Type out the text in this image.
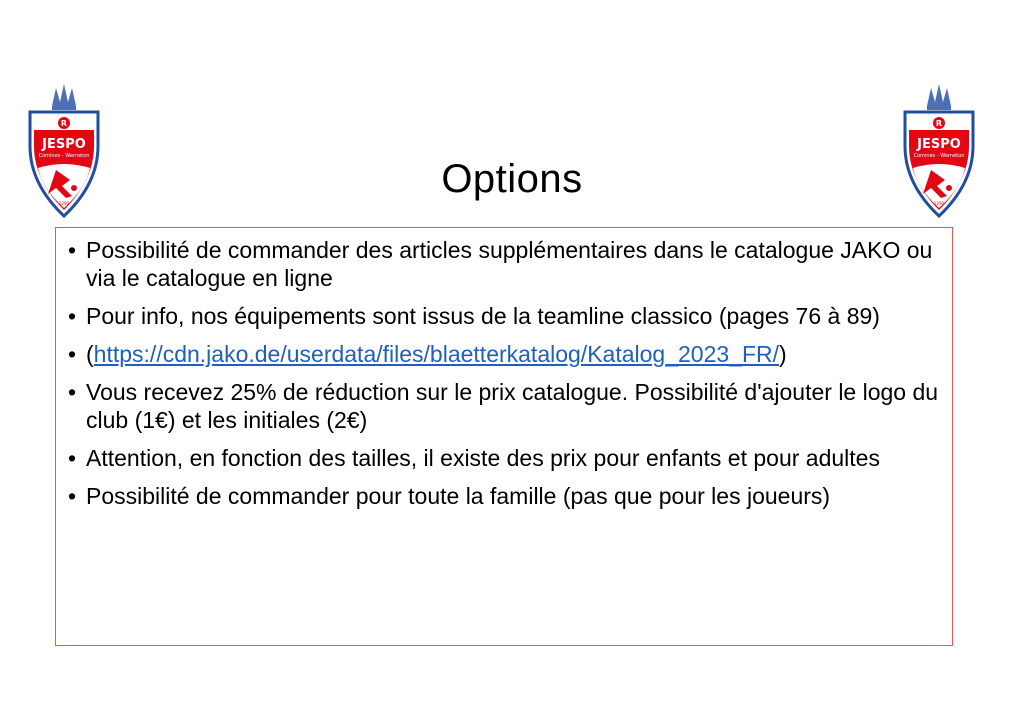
R
JESPO
Comines - Warneton
2290
R
JESPO
Comines - Warneton
2290
Options
• Possibilité de commander des articles supplémentaires dans le catalogue JAKO ou via le catalogue en ligne
• Pour info, nos équipements sont issus de la teamline classico (pages 76 à 89)
• (https://cdn.jako.de/userdata/files/blaetterkatalog/Katalog_2023_FR/)
• Vous recevez 25% de réduction sur le prix catalogue. Possibilité d'ajouter le logo du club (1€) et les initiales (2€)
• Attention, en fonction des tailles, il existe des prix pour enfants et pour adultes
• Possibilité de commander pour toute la famille (pas que pour les joueurs)
